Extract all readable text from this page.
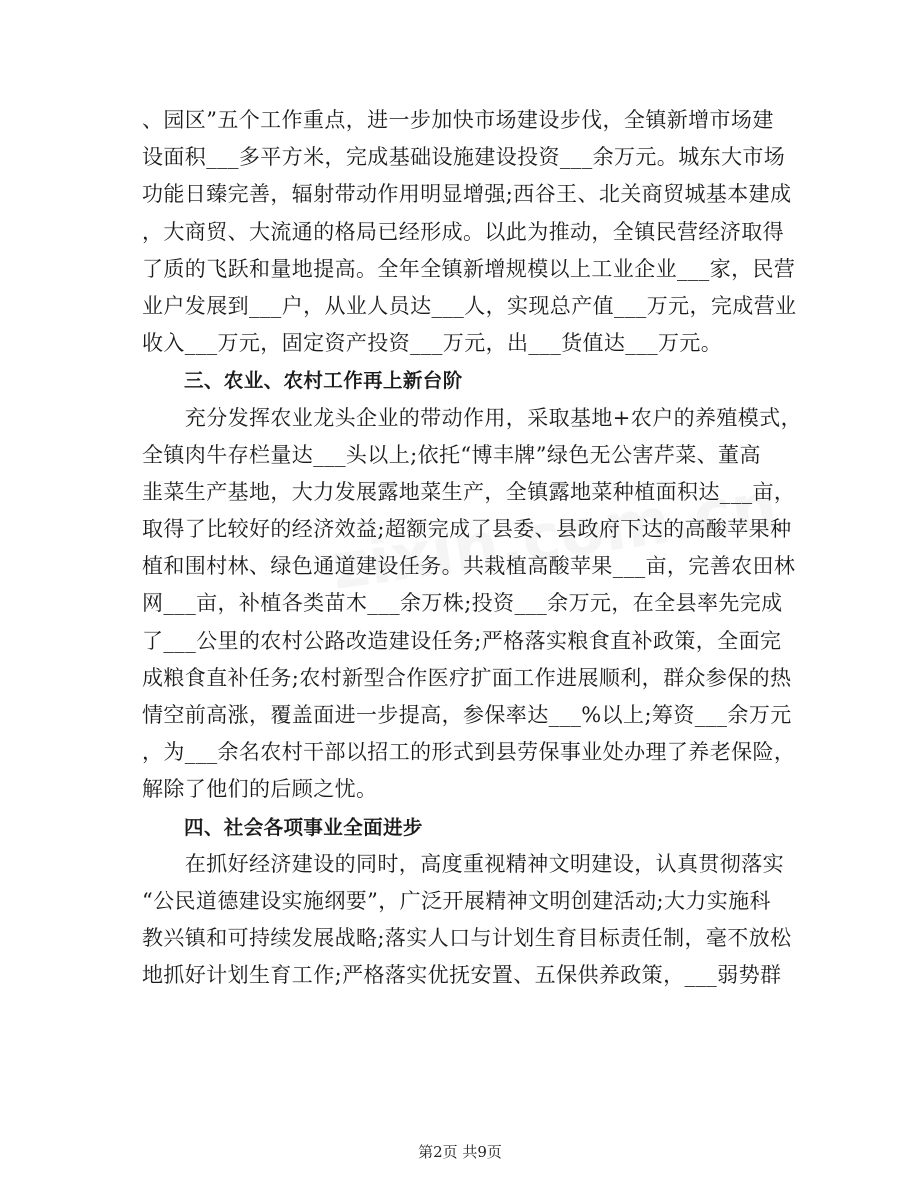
、园区”五个工作重点，进一步加快市场建设步伐，全镇新增市场建
设面积___多平方米，完成基础设施建设投资___余万元。城东大市场
功能日臻完善，辐射带动作用明显增强;西谷王、北关商贸城基本建成
，大商贸、大流通的格局已经形成。以此为推动，全镇民营经济取得
了质的飞跃和量地提高。全年全镇新增规模以上工业企业___家，民营
业户发展到___户，从业人员达___人，实现总产值___万元，完成营业
收入___万元，固定资产投资___万元，出___货值达___万元。
三、农业、农村工作再上新台阶
　　充分发挥农业龙头企业的带动作用，采取基地+农户的养殖模式，
全镇肉牛存栏量达___头以上;依托“博丰牌”绿色无公害芹菜、董高
韭菜生产基地，大力发展露地菜生产，全镇露地菜种植面积达___亩，
取得了比较好的经济效益;超额完成了县委、县政府下达的高酸苹果种
植和围村林、绿色通道建设任务。共栽植高酸苹果___亩，完善农田林
网___亩，补植各类苗木___余万株;投资___余万元，在全县率先完成
了___公里的农村公路改造建设任务;严格落实粮食直补政策，全面完
成粮食直补任务;农村新型合作医疗扩面工作进展顺利，群众参保的热
情空前高涨，覆盖面进一步提高，参保率达___%以上;筹资___余万元
，为___余名农村干部以招工的形式到县劳保事业处办理了养老保险，
解除了他们的后顾之忧。
四、社会各项事业全面进步
　　在抓好经济建设的同时，高度重视精神文明建设，认真贯彻落实
“公民道德建设实施纲要”，广泛开展精神文明创建活动;大力实施科
教兴镇和可持续发展战略;落实人口与计划生育目标责任制，毫不放松
地抓好计划生育工作;严格落实优抚安置、五保供养政策，___弱势群
第2页 共9页
